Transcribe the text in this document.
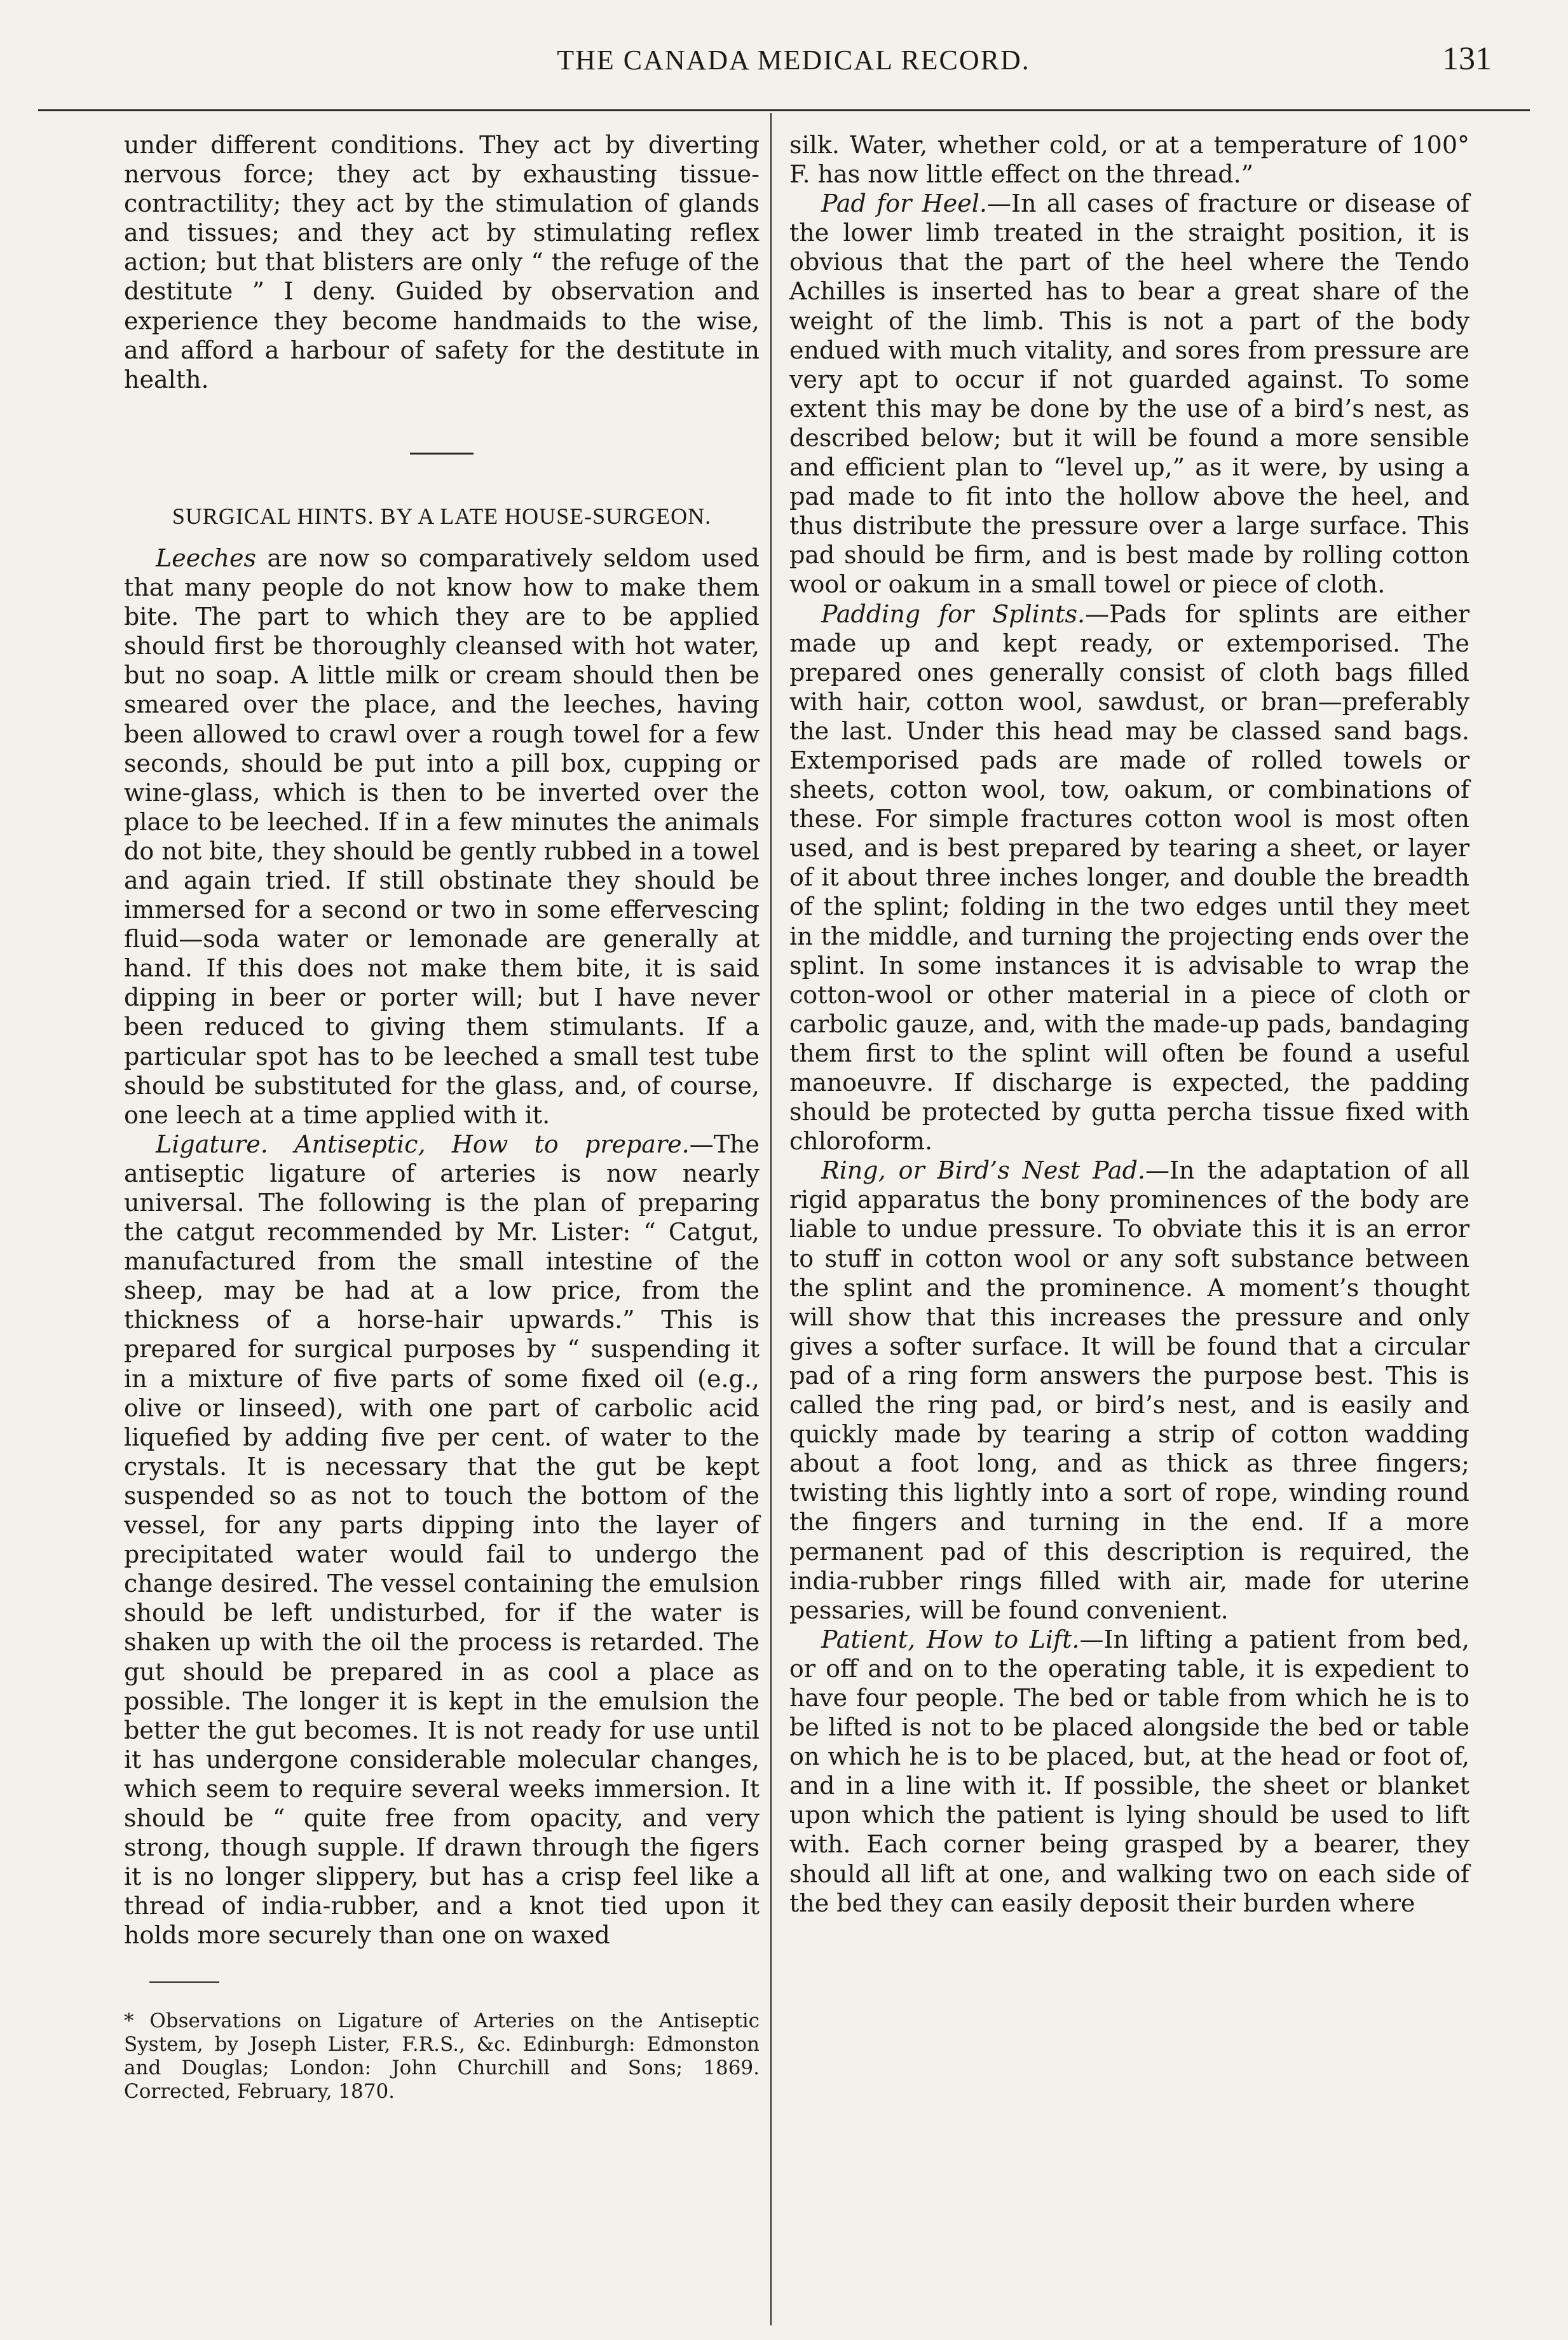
THE CANADA MEDICAL RECORD.	131

under different conditions. They act by diverting nervous force; they act by exhausting tissue-contractility; they act by the stimulation of glands and tissues; and they act by stimulating reflex action; but that blisters are only “ the refuge of the destitute ” I deny. Guided by observation and experience they become handmaids to the wise, and afford a harbour of safety for the destitute in health.

SURGICAL HINTS. BY A LATE HOUSE-SURGEON.

Leeches are now so comparatively seldom used that many people do not know how to make them bite. The part to which they are to be applied should first be thoroughly cleansed with hot water, but no soap. A little milk or cream should then be smeared over the place, and the leeches, having been allowed to crawl over a rough towel for a few seconds, should be put into a pill box, cupping or wine-glass, which is then to be inverted over the place to be leeched. If in a few minutes the animals do not bite, they should be gently rubbed in a towel and again tried. If still obstinate they should be immersed for a second or two in some effervescing fluid—soda water or lemonade are generally at hand. If this does not make them bite, it is said dipping in beer or porter will; but I have never been reduced to giving them stimulants. If a particular spot has to be leeched a small test tube should be substituted for the glass, and, of course, one leech at a time applied with it.

Ligature. Antiseptic, How to prepare.—The antiseptic ligature of arteries is now nearly universal. The following is the plan of preparing the catgut recommended by Mr. Lister: “ Catgut, manufactured from the small intestine of the sheep, may be had at a low price, from the thickness of a horse-hair upwards.” This is prepared for surgical purposes by “ suspending it in a mixture of five parts of some fixed oil (e.g., olive or linseed), with one part of carbolic acid liquefied by adding five per cent. of water to the crystals. It is necessary that the gut be kept suspended so as not to touch the bottom of the vessel, for any parts dipping into the layer of precipitated water would fail to undergo the change desired. The vessel containing the emulsion should be left undisturbed, for if the water is shaken up with the oil the process is retarded. The gut should be prepared in as cool a place as possible. The longer it is kept in the emulsion the better the gut becomes. It is not ready for use until it has undergone considerable molecular changes, which seem to require several weeks immersion. It should be “ quite free from opacity, and very strong, though supple. If drawn through the figers it is no longer slippery, but has a crisp feel like a thread of india-rubber, and a knot tied upon it holds more securely than one on waxed

* Observations on Ligature of Arteries on the Antiseptic System, by Joseph Lister, F.R.S., &c. Edinburgh: Edmonston and Douglas; London: John Churchill and Sons; 1869. Corrected, February, 1870.

silk. Water, whether cold, or at a temperature of 100° F. has now little effect on the thread.”

Pad for Heel.—In all cases of fracture or disease of the lower limb treated in the straight position, it is obvious that the part of the heel where the Tendo Achilles is inserted has to bear a great share of the weight of the limb. This is not a part of the body endued with much vitality, and sores from pressure are very apt to occur if not guarded against. To some extent this may be done by the use of a bird’s nest, as described below; but it will be found a more sensible and efficient plan to “level up,” as it were, by using a pad made to fit into the hollow above the heel, and thus distribute the pressure over a large surface. This pad should be firm, and is best made by rolling cotton wool or oakum in a small towel or piece of cloth.

Padding for Splints.—Pads for splints are either made up and kept ready, or extemporised. The prepared ones generally consist of cloth bags filled with hair, cotton wool, sawdust, or bran—preferably the last. Under this head may be classed sand bags. Extemporised pads are made of rolled towels or sheets, cotton wool, tow, oakum, or combinations of these. For simple fractures cotton wool is most often used, and is best prepared by tearing a sheet, or layer of it about three inches longer, and double the breadth of the splint; folding in the two edges until they meet in the middle, and turning the projecting ends over the splint. In some instances it is advisable to wrap the cotton-wool or other material in a piece of cloth or carbolic gauze, and, with the made-up pads, bandaging them first to the splint will often be found a useful manoeuvre. If discharge is expected, the padding should be protected by gutta percha tissue fixed with chloroform.

Ring, or Bird’s Nest Pad.—In the adaptation of all rigid apparatus the bony prominences of the body are liable to undue pressure. To obviate this it is an error to stuff in cotton wool or any soft substance between the splint and the prominence. A moment’s thought will show that this increases the pressure and only gives a softer surface. It will be found that a circular pad of a ring form answers the purpose best. This is called the ring pad, or bird’s nest, and is easily and quickly made by tearing a strip of cotton wadding about a foot long, and as thick as three fingers; twisting this lightly into a sort of rope, winding round the fingers and turning in the end. If a more permanent pad of this description is required, the india-rubber rings filled with air, made for uterine pessaries, will be found convenient.

Patient, How to Lift.—In lifting a patient from bed, or off and on to the operating table, it is expedient to have four people. The bed or table from which he is to be lifted is not to be placed alongside the bed or table on which he is to be placed, but, at the head or foot of, and in a line with it. If possible, the sheet or blanket upon which the patient is lying should be used to lift with. Each corner being grasped by a bearer, they should all lift at one, and walking two on each side of the bed they can easily deposit their burden where
